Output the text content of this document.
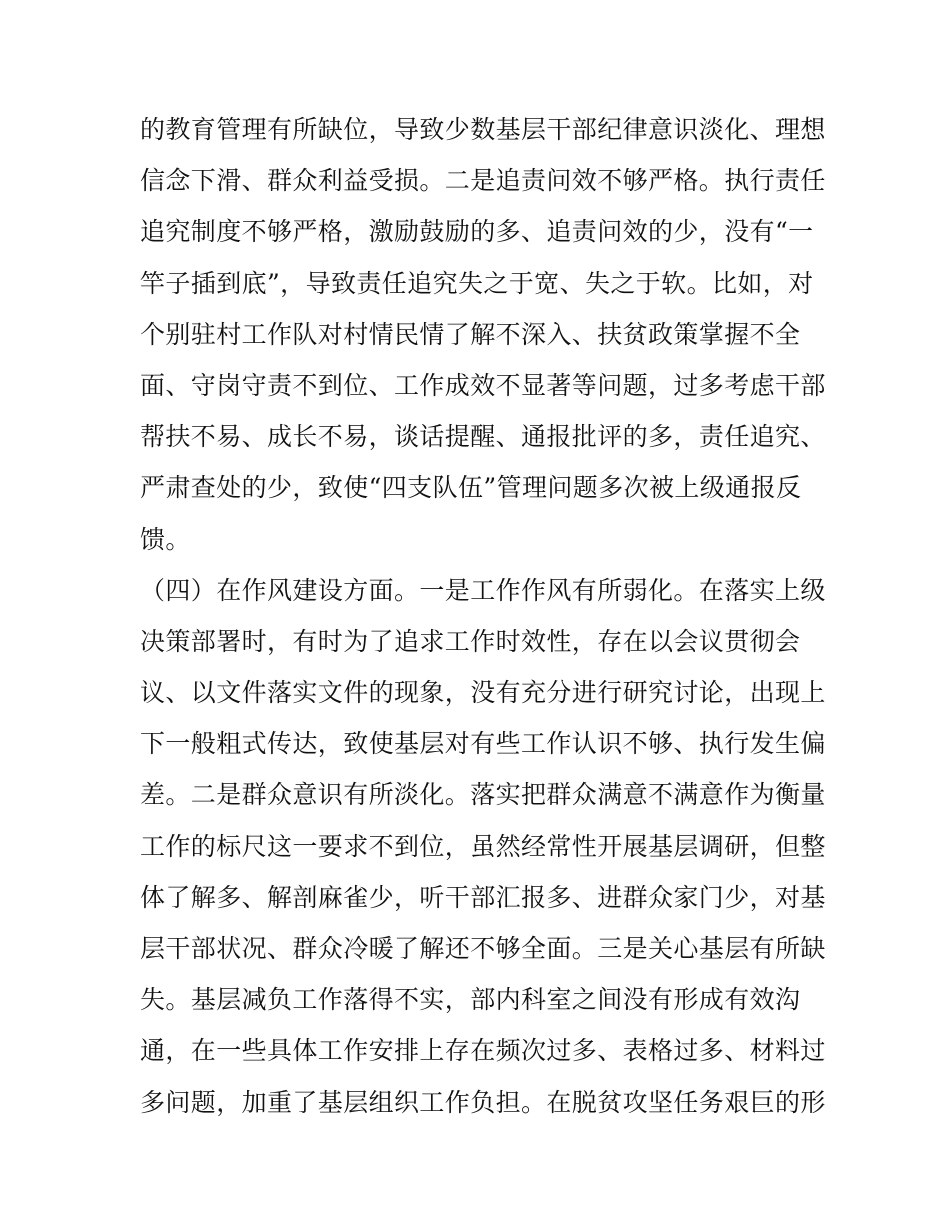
的教育管理有所缺位，导致少数基层干部纪律意识淡化、理想
信念下滑、群众利益受损。二是追责问效不够严格。执行责任
追究制度不够严格，激励鼓励的多、追责问效的少，没有“一
竿子插到底”，导致责任追究失之于宽、失之于软。比如，对
个别驻村工作队对村情民情了解不深入、扶贫政策掌握不全
面、守岗守责不到位、工作成效不显著等问题，过多考虑干部
帮扶不易、成长不易，谈话提醒、通报批评的多，责任追究、
严肃查处的少，致使“四支队伍”管理问题多次被上级通报反
馈。
（四）在作风建设方面。一是工作作风有所弱化。在落实上级
决策部署时，有时为了追求工作时效性，存在以会议贯彻会
议、以文件落实文件的现象，没有充分进行研究讨论，出现上
下一般粗式传达，致使基层对有些工作认识不够、执行发生偏
差。二是群众意识有所淡化。落实把群众满意不满意作为衡量
工作的标尺这一要求不到位，虽然经常性开展基层调研，但整
体了解多、解剖麻雀少，听干部汇报多、进群众家门少，对基
层干部状况、群众冷暖了解还不够全面。三是关心基层有所缺
失。基层减负工作落得不实，部内科室之间没有形成有效沟
通，在一些具体工作安排上存在频次过多、表格过多、材料过
多问题，加重了基层组织工作负担。在脱贫攻坚任务艰巨的形
